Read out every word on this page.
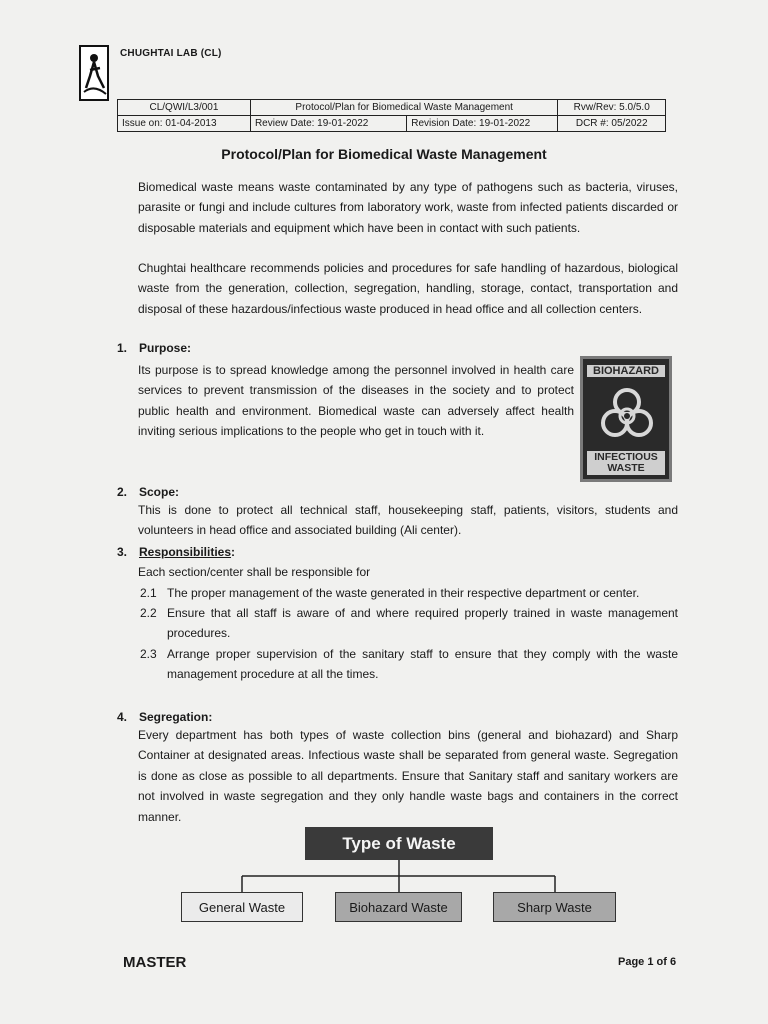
CHUGHTAI LAB (CL)
CL/QWI/L3/001	Protocol/Plan for Biomedical Waste Management		Rvw/Rev: 5.0/5.0
Issue on: 01-04-2013	Review Date: 19-01-2022	Revision Date: 19-01-2022	DCR #: 05/2022
Protocol/Plan for Biomedical Waste Management
Biomedical waste means waste contaminated by any type of pathogens such as bacteria, viruses, parasite or fungi and include cultures from laboratory work, waste from infected patients discarded or disposable materials and equipment which have been in contact with such patients.
Chughtai healthcare recommends policies and procedures for safe handling of hazardous, biological waste from the generation, collection, segregation, handling, storage, contact, transportation and disposal of these hazardous/infectious waste produced in head office and all collection centers.
1. Purpose:
Its purpose is to spread knowledge among the personnel involved in health care services to prevent transmission of the diseases in the society and to protect public health and environment. Biomedical waste can adversely affect health inviting serious implications to the people who get in touch with it.
BIOHAZARD
INFECTIOUS
WASTE
2. Scope:
This is done to protect all technical staff, housekeeping staff, patients, visitors, students and volunteers in head office and associated building (Ali center).
3. Responsibilities:
Each section/center shall be responsible for
2.1 The proper management of the waste generated in their respective department or center.
2.2 Ensure that all staff is aware of and where required properly trained in waste management procedures.
2.3 Arrange proper supervision of the sanitary staff to ensure that they comply with the waste management procedure at all the times.
4. Segregation:
Every department has both types of waste collection bins (general and biohazard) and Sharp Container at designated areas. Infectious waste shall be separated from general waste. Segregation is done as close as possible to all departments. Ensure that Sanitary staff and sanitary workers are not involved in waste segregation and they only handle waste bags and containers in the correct manner.
Type of Waste
General Waste	Biohazard Waste	Sharp Waste
MASTER	Page 1 of 6
